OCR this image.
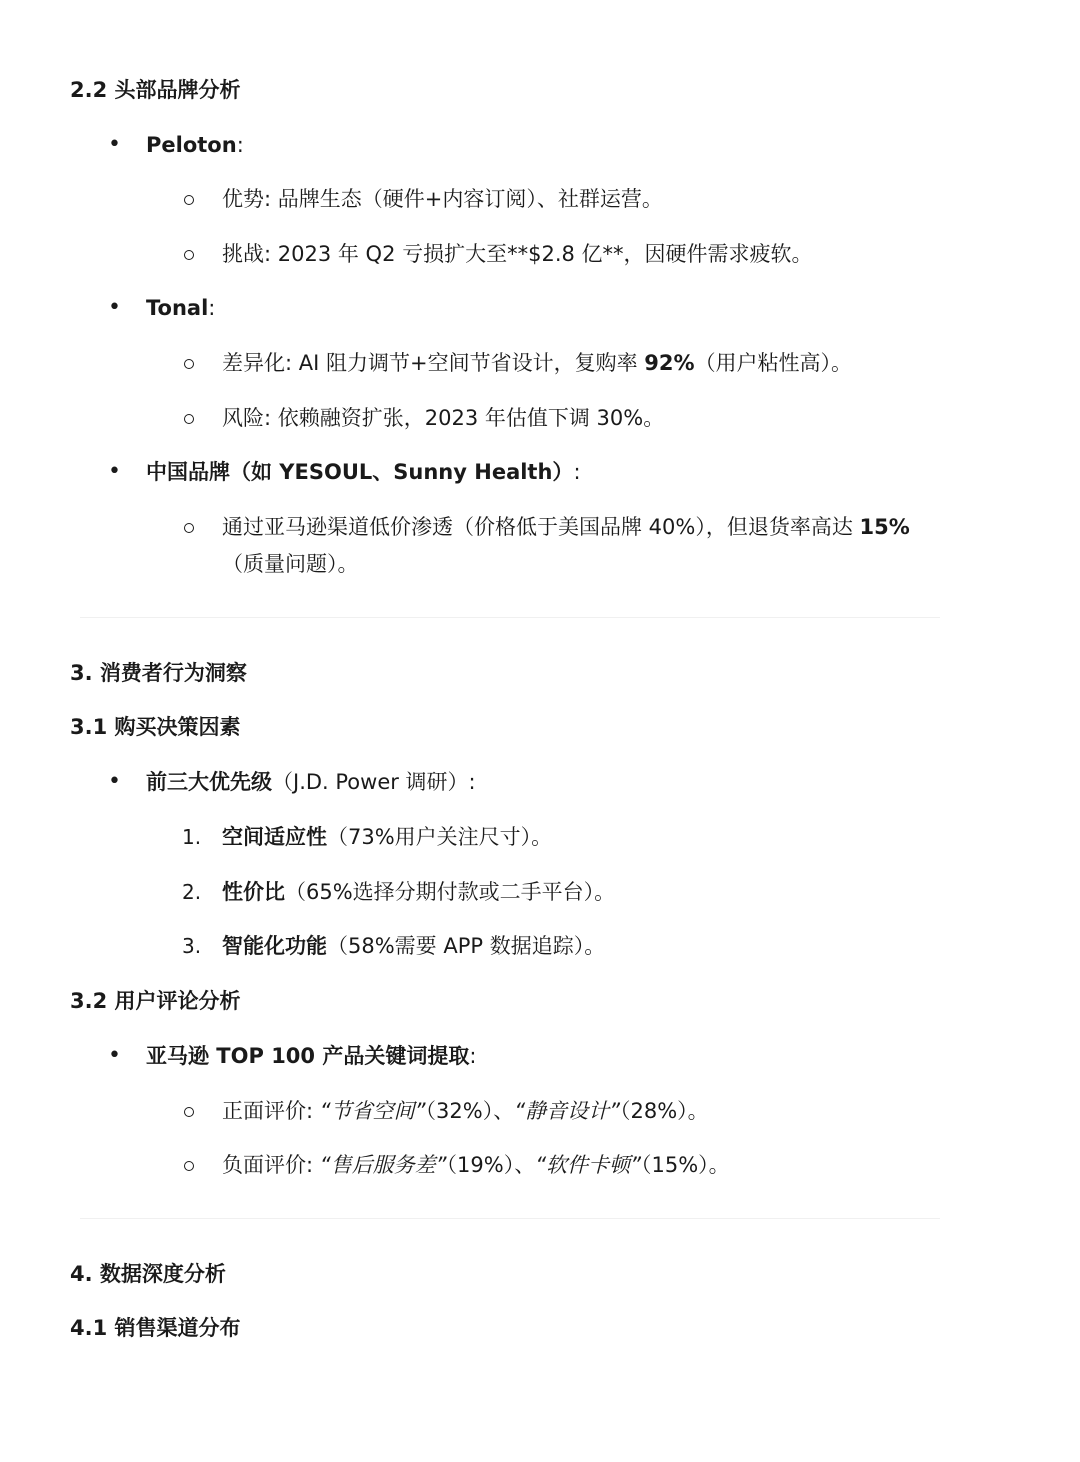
2.2 头部品牌分析
• Peloton:
优势: 品牌生态（硬件+内容订阅）、社群运营。
挑战: 2023 年 Q2 亏损扩大至**$2.8 亿**，因硬件需求疲软。
• Tonal:
差异化: AI 阻力调节+空间节省设计，复购率 92%（用户粘性高）。
风险: 依赖融资扩张，2023 年估值下调 30%。
• 中国品牌（如 YESOUL、Sunny Health）:
通过亚马逊渠道低价渗透（价格低于美国品牌 40%），但退货率高达 15%
（质量问题）。
3. 消费者行为洞察
3.1 购买决策因素
• 前三大优先级（J.D. Power 调研）:
1. 空间适应性（73%用户关注尺寸）。
2. 性价比（65%选择分期付款或二手平台）。
3. 智能化功能（58%需要 APP 数据追踪）。
3.2 用户评论分析
• 亚马逊 TOP 100 产品关键词提取:
正面评价: “节省空间”（32%）、“静音设计”（28%）。
负面评价: “售后服务差”（19%）、“软件卡顿”（15%）。
4. 数据深度分析
4.1 销售渠道分布
